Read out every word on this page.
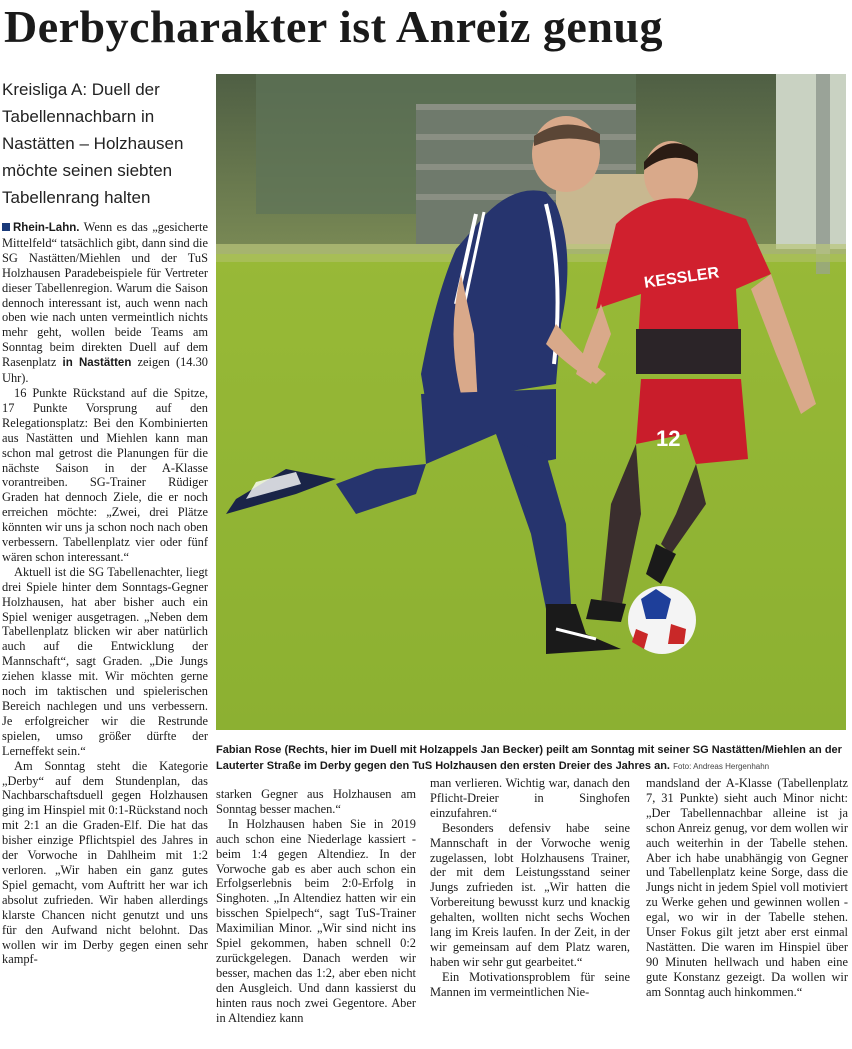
Derbycharakter ist Anreiz genug
Kreisliga A: Duell der Tabellennachbarn in Nastätten – Holzhausen möchte seinen siebten Tabellenrang halten
12
KESSLER
Fabian Rose (Rechts, hier im Duell mit Holzappels Jan Becker) peilt am Sonntag mit seiner SG Nastätten/Miehlen an der Lauterter Straße im Derby gegen den TuS Holzhausen den ersten Dreier des Jahres an. Foto: Andreas Hergenhahn

Rhein-Lahn. Wenn es das „gesicherte Mittelfeld“ tatsächlich gibt, dann sind die SG Nastätten/Miehlen und der TuS Holzhausen Paradebeispiele für Vertreter dieser Tabellenregion. Warum die Saison dennoch interessant ist, auch wenn nach oben wie nach unten vermeintlich nichts mehr geht, wollen beide Teams am Sonntag beim direkten Duell auf dem Rasenplatz in Nastätten zeigen (14.30 Uhr).

16 Punkte Rückstand auf die Spitze, 17 Punkte Vorsprung auf den Relegationsplatz: Bei den Kombinierten aus Nastätten und Miehlen kann man schon mal getrost die Planungen für die nächste Saison in der A-Klasse vorantreiben. SG-Trainer Rüdiger Graden hat dennoch Ziele, die er noch erreichen möchte: „Zwei, drei Plätze könnten wir uns ja schon noch nach oben verbessern. Tabellenplatz vier oder fünf wären schon interessant.“

Aktuell ist die SG Tabellenachter, liegt drei Spiele hinter dem Sonntags-Gegner Holzhausen, hat aber bisher auch ein Spiel weniger ausgetragen. „Neben dem Tabellenplatz blicken wir aber natürlich auch auf die Entwicklung der Mannschaft“, sagt Graden. „Die Jungs ziehen klasse mit. Wir möchten gerne noch im taktischen und spielerischen Bereich nachlegen und uns verbessern. Je erfolgreicher wir die Restrunde spielen, umso größer dürfte der Lerneffekt sein.“

Am Sonntag steht die Kategorie „Derby“ auf dem Stundenplan, das Nachbarschaftsduell gegen Holzhausen ging im Hinspiel mit 0:1-Rückstand noch mit 2:1 an die Graden-Elf. Die hat das bisher einzige Pflichtspiel des Jahres in der Vorwoche in Dahlheim mit 1:2 verloren. „Wir haben ein ganz gutes Spiel gemacht, vom Auftritt her war ich absolut zufrieden. Wir haben allerdings klarste Chancen nicht genutzt und uns für den Aufwand nicht belohnt. Das wollen wir im Derby gegen einen sehr kampf-

starken Gegner aus Holzhausen am Sonntag besser machen.“

In Holzhausen haben Sie in 2019 auch schon eine Niederlage kassiert - beim 1:4 gegen Altendiez. In der Vorwoche gab es aber auch schon ein Erfolgserlebnis beim 2:0-Erfolg in Singhoten. „In Altendiez hatten wir ein bisschen Spielpech“, sagt TuS-Trainer Maximilian Minor. „Wir sind nicht ins Spiel gekommen, haben schnell 0:2 zurückgelegen. Danach werden wir besser, machen das 1:2, aber eben nicht den Ausgleich. Und dann kassierst du hinten raus noch zwei Gegentore. Aber in Altendiez kann

man verlieren. Wichtig war, danach den Pflicht-Dreier in Singhofen einzufahren.“

Besonders defensiv habe seine Mannschaft in der Vorwoche wenig zugelassen, lobt Holzhausens Trainer, der mit dem Leistungsstand seiner Jungs zufrieden ist. „Wir hatten die Vorbereitung bewusst kurz und knackig gehalten, wollten nicht sechs Wochen lang im Kreis laufen. In der Zeit, in der wir gemeinsam auf dem Platz waren, haben wir sehr gut gearbeitet.“

Ein Motivationsproblem für seine Mannen im vermeintlichen Nie-

mandsland der A-Klasse (Tabellenplatz 7, 31 Punkte) sieht auch Minor nicht: „Der Tabellennachbar alleine ist ja schon Anreiz genug, vor dem wollen wir auch weiterhin in der Tabelle stehen. Aber ich habe unabhängig von Gegner und Tabellenplatz keine Sorge, dass die Jungs nicht in jedem Spiel voll motiviert zu Werke gehen und gewinnen wollen - egal, wo wir in der Tabelle stehen. Unser Fokus gilt jetzt aber erst einmal Nastätten. Die waren im Hinspiel über 90 Minuten hellwach und haben eine gute Konstanz gezeigt. Da wollen wir am Sonntag auch hinkommen.“
